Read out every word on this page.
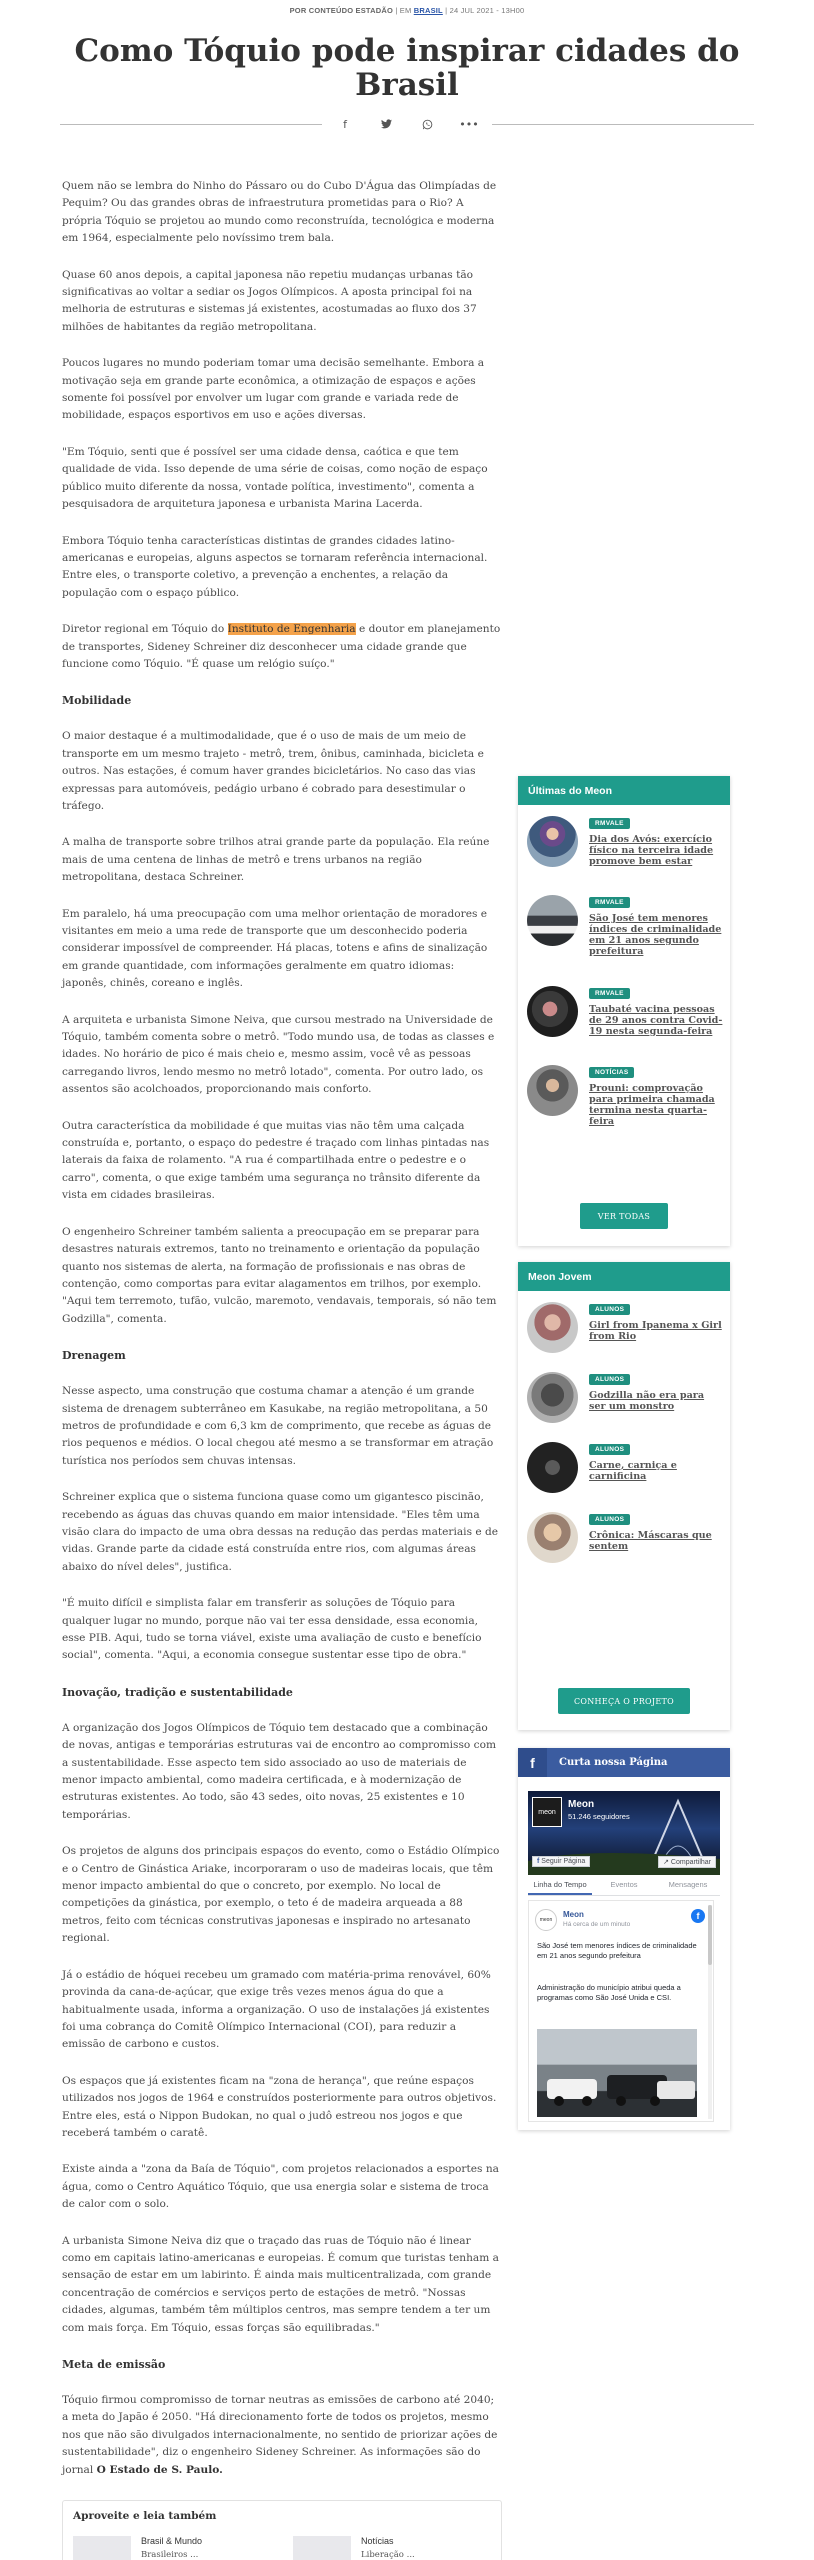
POR CONTEÚDO ESTADÃO | EM BRASIL | 24 JUL 2021 - 13H00
Como Tóquio pode inspirar cidades do Brasil
f	•••

Quem não se lembra do Ninho do Pássaro ou do Cubo D'Água das Olimpíadas de Pequim? Ou das grandes obras de infraestrutura prometidas para o Rio? A própria Tóquio se projetou ao mundo como reconstruída, tecnológica e moderna em 1964, especialmente pelo novíssimo trem bala.

Quase 60 anos depois, a capital japonesa não repetiu mudanças urbanas tão significativas ao voltar a sediar os Jogos Olímpicos. A aposta principal foi na melhoria de estruturas e sistemas já existentes, acostumadas ao fluxo dos 37 milhões de habitantes da região metropolitana.

Poucos lugares no mundo poderiam tomar uma decisão semelhante. Embora a motivação seja em grande parte econômica, a otimização de espaços e ações somente foi possível por envolver um lugar com grande e variada rede de mobilidade, espaços esportivos em uso e ações diversas.

"Em Tóquio, senti que é possível ser uma cidade densa, caótica e que tem qualidade de vida. Isso depende de uma série de coisas, como noção de espaço público muito diferente da nossa, vontade política, investimento", comenta a pesquisadora de arquitetura japonesa e urbanista Marina Lacerda.

Embora Tóquio tenha características distintas de grandes cidades latino-americanas e europeias, alguns aspectos se tornaram referência internacional. Entre eles, o transporte coletivo, a prevenção a enchentes, a relação da população com o espaço público.

Diretor regional em Tóquio do Instituto de Engenharia e doutor em planejamento de transportes, Sideney Schreiner diz desconhecer uma cidade grande que funcione como Tóquio. "É quase um relógio suíço."

Mobilidade

O maior destaque é a multimodalidade, que é o uso de mais de um meio de transporte em um mesmo trajeto - metrô, trem, ônibus, caminhada, bicicleta e outros. Nas estações, é comum haver grandes bicicletários. No caso das vias expressas para automóveis, pedágio urbano é cobrado para desestimular o tráfego.

A malha de transporte sobre trilhos atrai grande parte da população. Ela reúne mais de uma centena de linhas de metrô e trens urbanos na região metropolitana, destaca Schreiner.

Em paralelo, há uma preocupação com uma melhor orientação de moradores e visitantes em meio a uma rede de transporte que um desconhecido poderia considerar impossível de compreender. Há placas, totens e afins de sinalização em grande quantidade, com informações geralmente em quatro idiomas: japonês, chinês, coreano e inglês.

A arquiteta e urbanista Simone Neiva, que cursou mestrado na Universidade de Tóquio, também comenta sobre o metrô. "Todo mundo usa, de todas as classes e idades. No horário de pico é mais cheio e, mesmo assim, você vê as pessoas carregando livros, lendo mesmo no metrô lotado", comenta. Por outro lado, os assentos são acolchoados, proporcionando mais conforto.

Outra característica da mobilidade é que muitas vias não têm uma calçada construída e, portanto, o espaço do pedestre é traçado com linhas pintadas nas laterais da faixa de rolamento. "A rua é compartilhada entre o pedestre e o carro", comenta, o que exige também uma segurança no trânsito diferente da vista em cidades brasileiras.

O engenheiro Schreiner também salienta a preocupação em se preparar para desastres naturais extremos, tanto no treinamento e orientação da população quanto nos sistemas de alerta, na formação de profissionais e nas obras de contenção, como comportas para evitar alagamentos em trilhos, por exemplo. "Aqui tem terremoto, tufão, vulcão, maremoto, vendavais, temporais, só não tem Godzilla", comenta.

Drenagem

Nesse aspecto, uma construção que costuma chamar a atenção é um grande sistema de drenagem subterrâneo em Kasukabe, na região metropolitana, a 50 metros de profundidade e com 6,3 km de comprimento, que recebe as águas de rios pequenos e médios. O local chegou até mesmo a se transformar em atração turística nos períodos sem chuvas intensas.

Schreiner explica que o sistema funciona quase como um gigantesco piscinão, recebendo as águas das chuvas quando em maior intensidade. "Eles têm uma visão clara do impacto de uma obra dessas na redução das perdas materiais e de vidas. Grande parte da cidade está construída entre rios, com algumas áreas abaixo do nível deles", justifica.

"É muito difícil e simplista falar em transferir as soluções de Tóquio para qualquer lugar no mundo, porque não vai ter essa densidade, essa economia, esse PIB. Aqui, tudo se torna viável, existe uma avaliação de custo e benefício social", comenta. "Aqui, a economia consegue sustentar esse tipo de obra."

Inovação, tradição e sustentabilidade

A organização dos Jogos Olímpicos de Tóquio tem destacado que a combinação de novas, antigas e temporárias estruturas vai de encontro ao compromisso com a sustentabilidade. Esse aspecto tem sido associado ao uso de materiais de menor impacto ambiental, como madeira certificada, e à modernização de estruturas existentes. Ao todo, são 43 sedes, oito novas, 25 existentes e 10 temporárias.

Os projetos de alguns dos principais espaços do evento, como o Estádio Olímpico e o Centro de Ginástica Ariake, incorporaram o uso de madeiras locais, que têm menor impacto ambiental do que o concreto, por exemplo. No local de competições da ginástica, por exemplo, o teto é de madeira arqueada a 88 metros, feito com técnicas construtivas japonesas e inspirado no artesanato regional.

Já o estádio de hóquei recebeu um gramado com matéria-prima renovável, 60% provinda da cana-de-açúcar, que exige três vezes menos água do que a habitualmente usada, informa a organização. O uso de instalações já existentes foi uma cobrança do Comitê Olímpico Internacional (COI), para reduzir a emissão de carbono e custos.

Os espaços que já existentes ficam na "zona de herança", que reúne espaços utilizados nos jogos de 1964 e construídos posteriormente para outros objetivos. Entre eles, está o Nippon Budokan, no qual o judô estreou nos jogos e que receberá também o caratê.

Existe ainda a "zona da Baía de Tóquio", com projetos relacionados a esportes na água, como o Centro Aquático Tóquio, que usa energia solar e sistema de troca de calor com o solo.

A urbanista Simone Neiva diz que o traçado das ruas de Tóquio não é linear como em capitais latino-americanas e europeias. É comum que turistas tenham a sensação de estar em um labirinto. É ainda mais multicentralizada, com grande concentração de comércios e serviços perto de estações de metrô. "Nossas cidades, algumas, também têm múltiplos centros, mas sempre tendem a ter um com mais força. Em Tóquio, essas forças são equilibradas."

Meta de emissão

Tóquio firmou compromisso de tornar neutras as emissões de carbono até 2040; a meta do Japão é 2050. "Há direcionamento forte de todos os projetos, mesmo nos que não são divulgados internacionalmente, no sentido de priorizar ações de sustentabilidade", diz o engenheiro Sideney Schreiner. As informações são do jornal O Estado de S. Paulo.

Aproveite e leia também
Brasil & Mundo
Brasileiros ...
Notícias
Liberação ...
Últimas do Meon
RMVALE
Dia dos Avós: exercício físico na terceira idade promove bem estar
RMVALE
São José tem menores índices de criminalidade em 21 anos segundo prefeitura
RMVALE
Taubaté vacina pessoas de 29 anos contra Covid-19 nesta segunda-feira
NOTÍCIAS
Prouni: comprovação para primeira chamada termina nesta quarta-feira
VER TODAS
Meon Jovem
ALUNOS
Girl from Ipanema x Girl from Rio
ALUNOS
Godzilla não era para ser um monstro
ALUNOS
Carne, carniça e carnificina
ALUNOS
Crônica: Máscaras que sentem
CONHEÇA O PROJETO
f	Curta nossa Página
meon
Meon
51.246 seguidores
f Seguir Página	↗ Compartilhar
Linha do Tempo	Eventos	Mensagens
meon
Meon
Há cerca de um minuto
f
São José tem menores índices de criminalidade em 21 anos segundo prefeitura
Administração do município atribui queda a programas como São José Unida e CSI.
